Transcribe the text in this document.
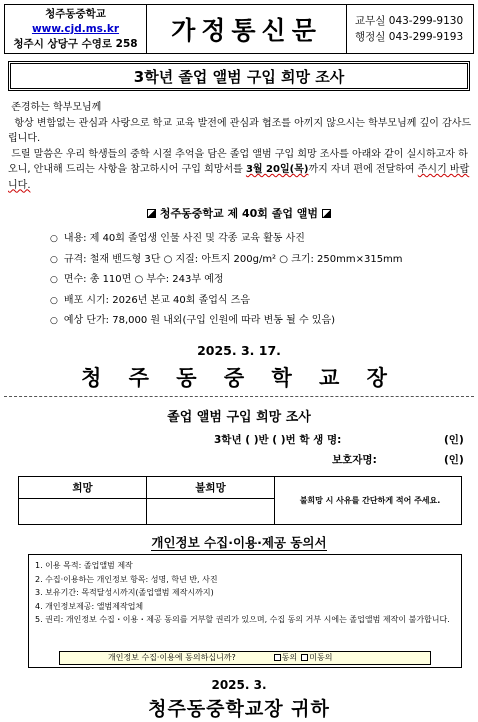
청주동중학교
www.cjd.ms.kr
청주시 상당구 수영로 258	가정통신문	교무실 043-299-9130
행정실 043-299-9193
3학년 졸업 앨범 구입 희망 조사

존경하는 학부모님께

항상 변함없는 관심과 사랑으로 학교 교육 발전에 관심과 협조를 아끼지 않으시는 학부모님께 깊이 감사드립니다.

드릴 말씀은 우리 학생들의 중학 시절 추억을 담은 졸업 앨범 구입 희망 조사를 아래와 같이 실시하고자 하오니, 안내해 드리는 사항을 참고하시어 구입 희망서를 3월 20일(목)까지 자녀 편에 전달하여 주시기 바랍니다.

청주동중학교 제 40회 졸업 앨범
○ 내용: 제 40회 졸업생 인물 사진 및 각종 교육 활동 사진
○ 규격: 철재 밴드형 3단 ○ 지질: 아트지 200g/m² ○ 크기: 250mm×315mm
○ 면수: 총 110면 ○ 부수: 243부 예정
○ 배포 시기: 2026년 본교 40회 졸업식 즈음
○ 예상 단가: 78,000 원 내외(구입 인원에 따라 변동 될 수 있음)
2025. 3. 17.
청 주 동 중 학 교 장
졸업 앨범 구입 희망 조사
3학년 ( )반 ( )번 학 생 명:	(인)
보호자명:	(인)
희망	불희망	불희망 시 사유를 간단하게 적어 주세요.

개인정보 수집·이용·제공 동의서
1. 이용 목적: 졸업앨범 제작
2. 수집·이용하는 개인정보 항목: 성명, 학년 반, 사진
3. 보유기간: 목적달성시까지(졸업앨범 제작시까지)
4. 개인정보제공: 앨범제작업체
5. 권리: 개인정보 수집・이용・제공 동의를 거부할 권리가 있으며, 수집 동의 거부 시에는 졸업앨범 제작이 불가합니다.
개인정보 수집·이용에 동의하십니까?	동의	미동의
2025. 3.
청주동중학교장 귀하
